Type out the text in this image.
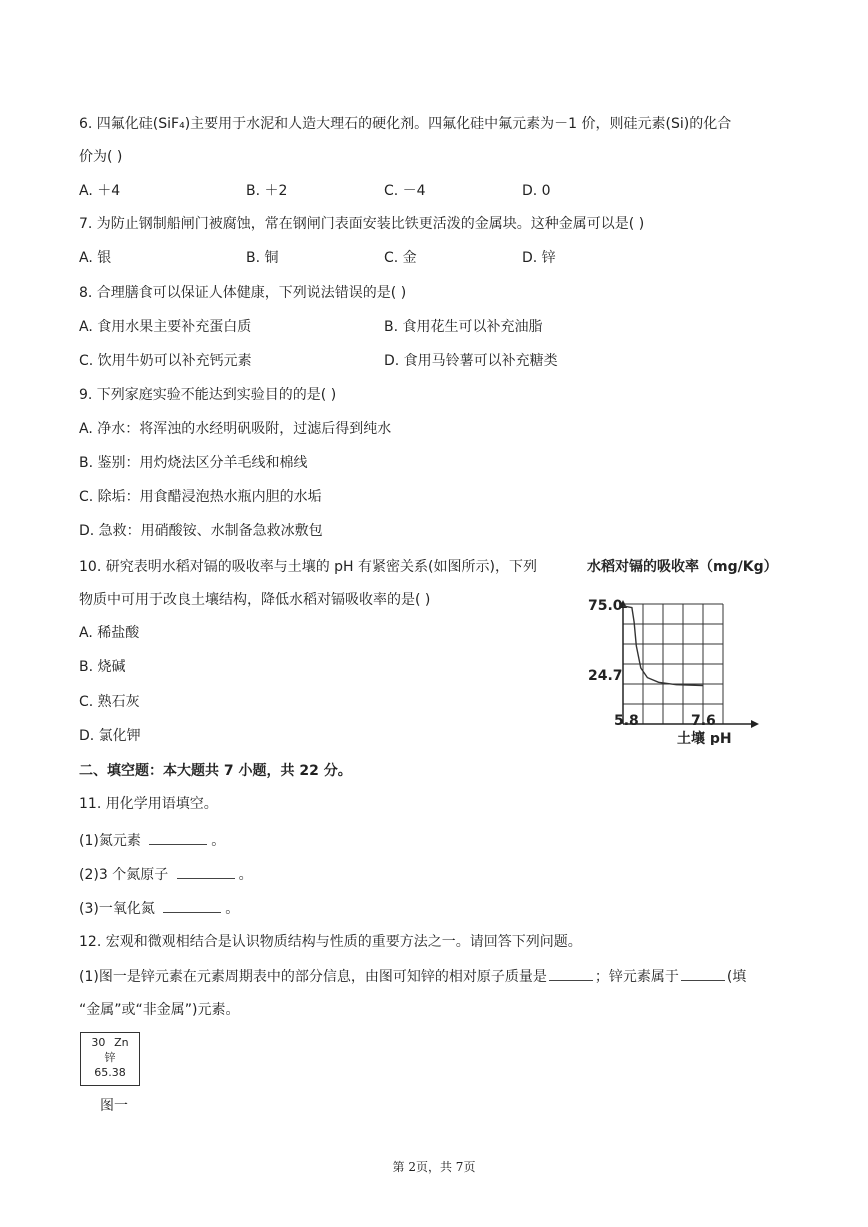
6. 四氟化硅(SiF₄)主要用于水泥和人造大理石的硬化剂。四氟化硅中氟元素为－1 价，则硅元素(Si)的化合
价为( )
A. ＋4	B. ＋2	C. －4	D. 0
7. 为防止钢制船闸门被腐蚀，常在钢闸门表面安装比铁更活泼的金属块。这种金属可以是( )
A. 银	B. 铜	C. 金	D. 锌
8. 合理膳食可以保证人体健康，下列说法错误的是( )
A. 食用水果主要补充蛋白质	B. 食用花生可以补充油脂
C. 饮用牛奶可以补充钙元素	D. 食用马铃薯可以补充糖类
9. 下列家庭实验不能达到实验目的的是( )
A. 净水：将浑浊的水经明矾吸附，过滤后得到纯水
B. 鉴别：用灼烧法区分羊毛线和棉线
C. 除垢：用食醋浸泡热水瓶内胆的水垢
D. 急救：用硝酸铵、水制备急救冰敷包
10. 研究表明水稻对镉的吸收率与土壤的 pH 有紧密关系(如图所示)，下列
物质中可用于改良土壤结构，降低水稻对镉吸收率的是( )
A. 稀盐酸
B. 烧碱
C. 熟石灰
D. 氯化钾
水稻对镉的吸收率（mg/Kg）
75.0
24.7
5.8	7.6
土壤 pH
二、填空题：本大题共 7 小题，共 22 分。
11. 用化学用语填空。
(1)氮元素	。
(2)3 个氮原子	。
(3)一氧化氮	。
12. 宏观和微观相结合是认识物质结构与性质的重要方法之一。请回答下列问题。
(1)图一是锌元素在元素周期表中的部分信息，由图可知锌的相对原子质量是	；锌元素属于	(填
“金属”或“非金属”)元素。
30 Zn
锌
65.38
图一
第 2页，共 7页
